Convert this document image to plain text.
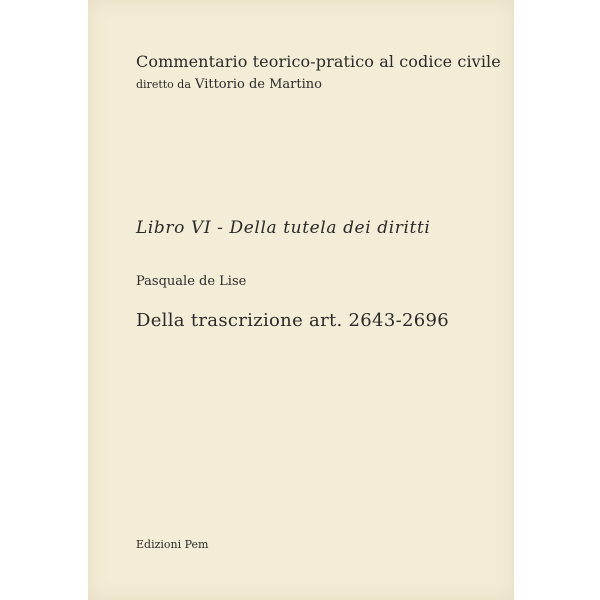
Commentario teorico-pratico al codice civile

diretto da Vittorio de Martino

Libro VI - Della tutela dei diritti

Pasquale de Lise

Della trascrizione art. 2643-2696

Edizioni Pem
